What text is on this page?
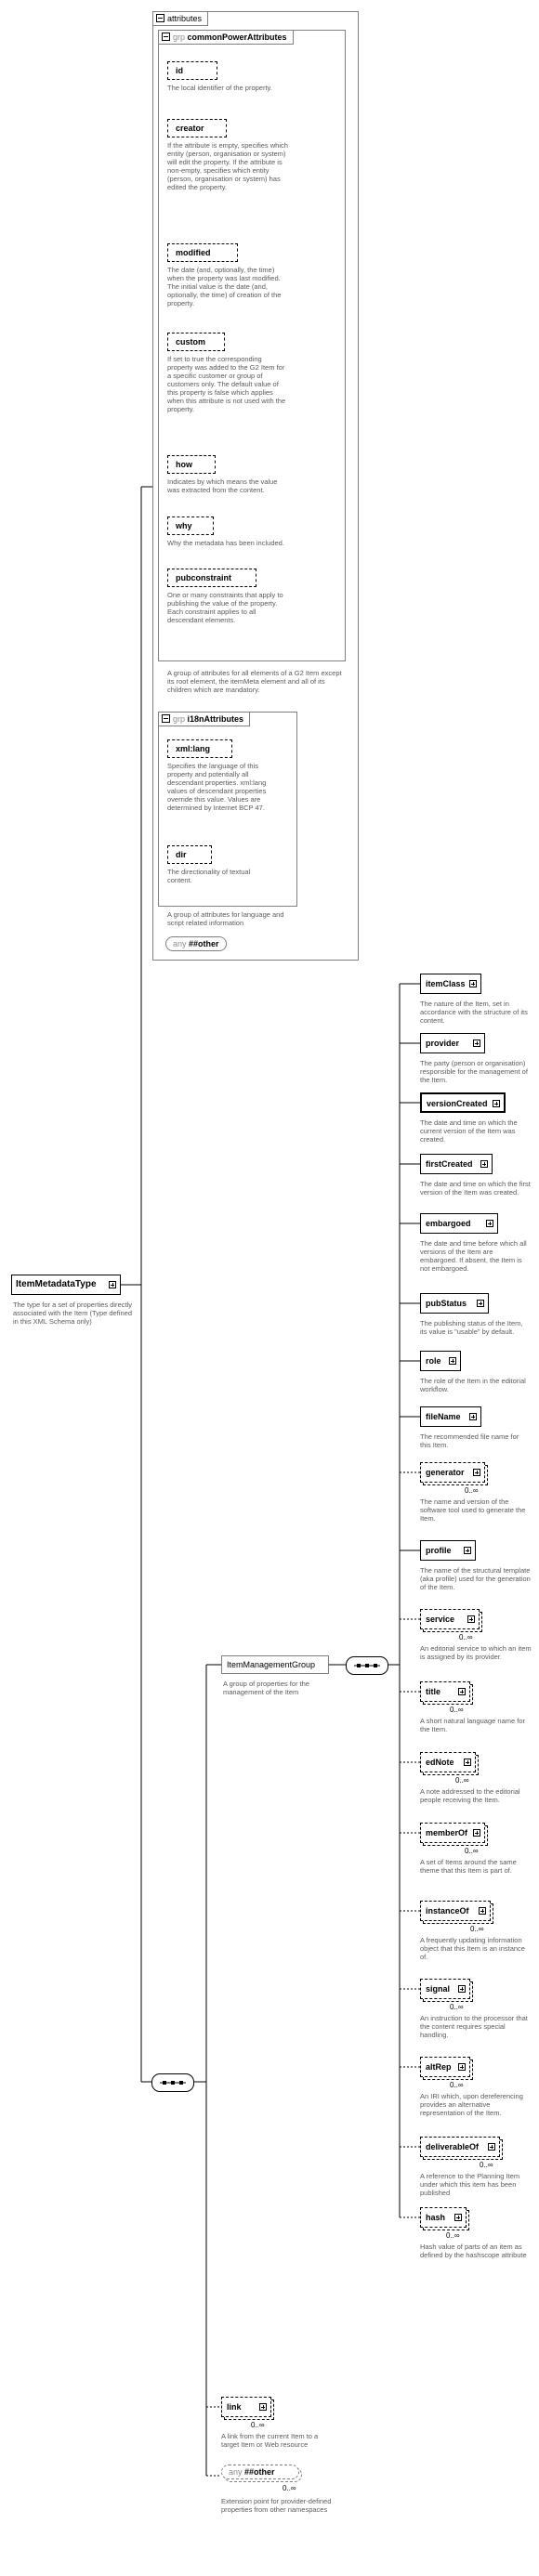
attributes
grp commonPowerAttributes
grp i18nAttributes
id
The local identifier of the property.
creator
If the attribute is empty, specifies which entity (person, organisation or system) will edit the property. If the attribute is non-empty, specifies which entity (person, organisation or system) has edited the property.
modified
The date (and, optionally, the time) when the property was last modified. The initial value is the date (and, optionally, the time) of creation of the property.
custom
If set to true the corresponding property was added to the G2 Item for a specific customer or group of customers only. The default value of this property is false which applies when this attribute is not used with the property.
how
Indicates by which means the value was extracted from the content.
why
Why the metadata has been included.
pubconstraint
One or many constraints that apply to publishing the value of the property. Each constraint applies to all descendant elements.
xml:lang
Specifies the language of this property and potentially all descendant properties. xml:lang values of descendant properties override this value. Values are determined by Internet BCP 47.
dir
The directionality of textual content.
A group of attributes for all elements of a G2 Item except its root element, the itemMeta element and all of its children which are mandatory.
A group of attributes for language and script related information
any ##other
ItemMetadataType
The type for a set of properties directly associated with the Item (Type defined in this XML Schema only)
ItemManagementGroup
A group of properties for the management of the Item
itemClass
The nature of the Item, set in accordance with the structure of its content.
provider
The party (person or organisation) responsible for the management of the Item.
versionCreated
The date and time on which the current version of the Item was created.
firstCreated
The date and time on which the first version of the Item was created.
embargoed
The date and time before which all versions of the Item are embargoed. If absent, the Item is not embargoed.
pubStatus
The publishing status of the Item, its value is "usable" by default.
role
The role of the Item in the editorial workflow.
fileName
The recommended file name for this Item.
generator
0..∞
The name and version of the software tool used to generate the Item.
profile
The name of the structural template (aka profile) used for the generation of the Item.
service
0..∞
An editorial service to which an item is assigned by its provider.
title
0..∞
A short natural language name for the Item.
edNote
0..∞
A note addressed to the editorial people receiving the Item.
memberOf
0..∞
A set of Items around the same theme that this Item is part of.
instanceOf
0..∞
A frequently updating information object that this Item is an instance of.
signal
0..∞
An instruction to the processor that the content requires special handling.
altRep
0..∞
An IRI which, upon dereferencing provides an alternative representation of the Item.
deliverableOf
0..∞
A reference to the Planning Item under which this item has been published
hash
0..∞
Hash value of parts of an item as defined by the hashscope attribute
link
0..∞
A link from the current Item to a target Item or Web resource
any ##other
0..∞
Extension point for provider-defined properties from other namespaces
